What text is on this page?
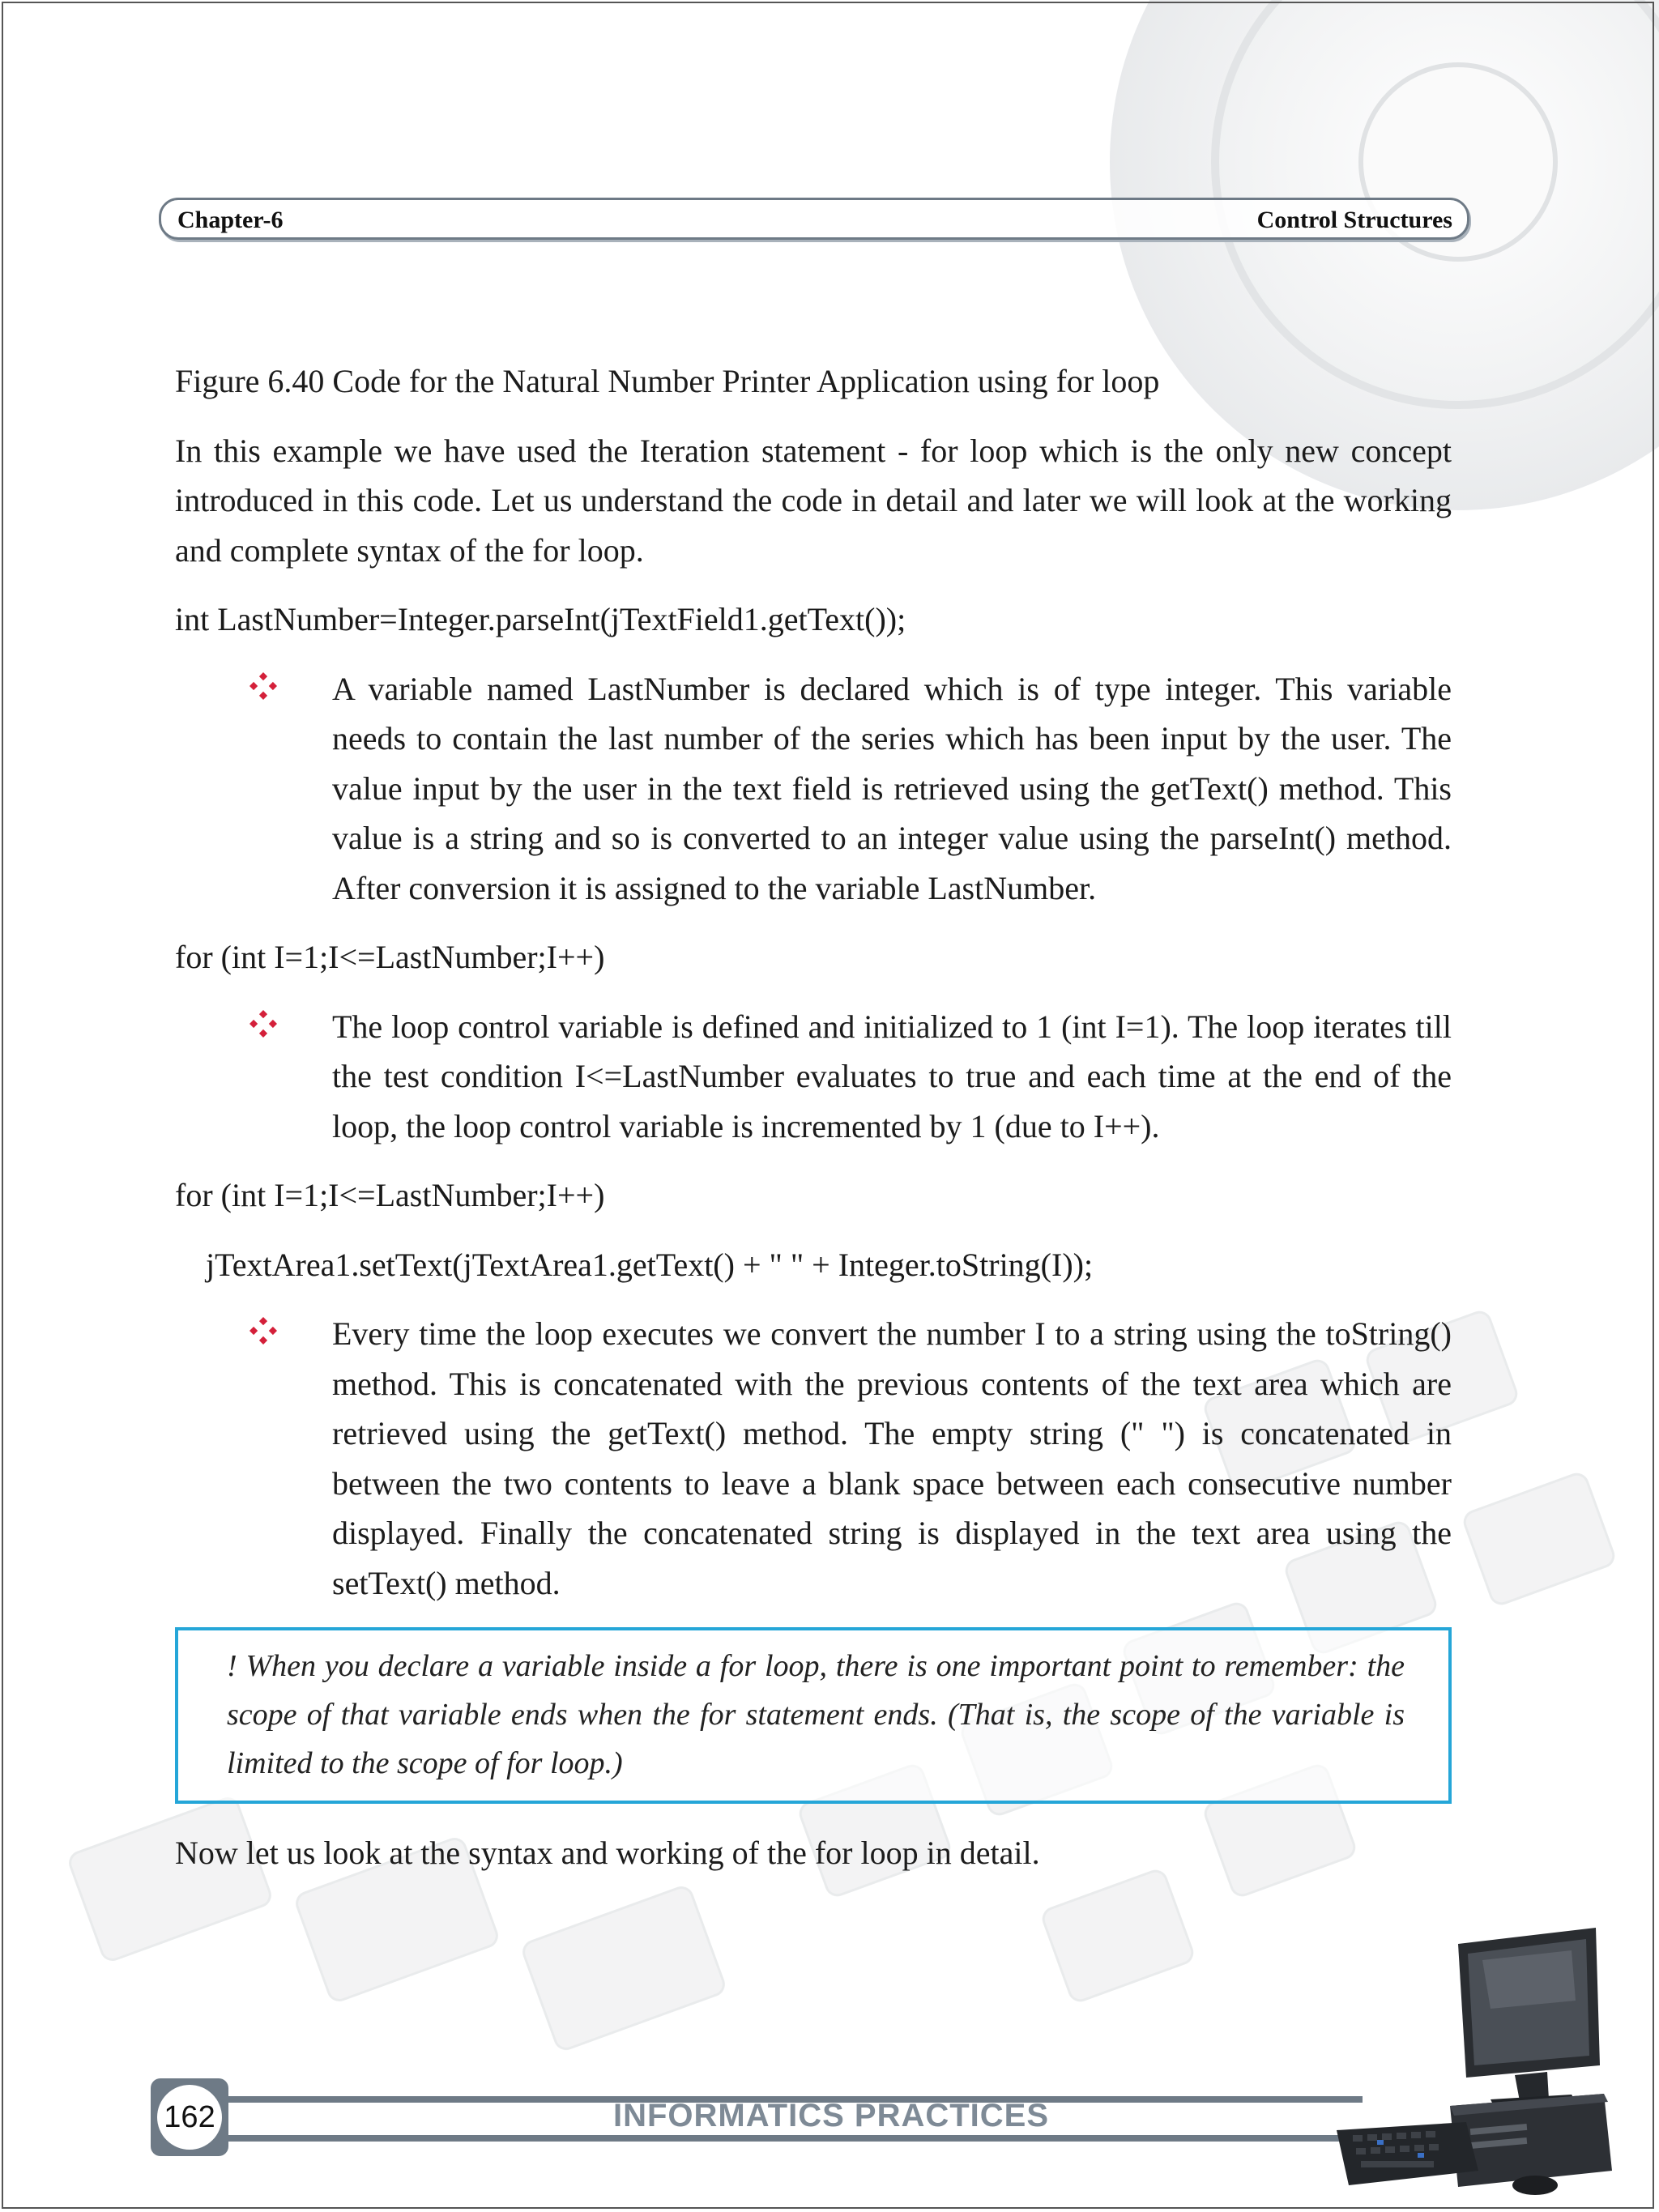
Chapter-6	Control Structures

Figure 6.40 Code for the Natural Number Printer Application using for loop

In this example we have used the Iteration statement - for loop which is the only new concept introduced in this code. Let us understand the code in detail and later we will look at the working and complete syntax of the for loop.

int LastNumber=Integer.parseInt(jTextField1.getText());

A variable named LastNumber is declared which is of type integer. This variable needs to contain the last number of the series which has been input by the user. The value input by the user in the text field is retrieved using the getText() method. This value is a string and so is converted to an integer value using the parseInt() method. After conversion it is assigned to the variable LastNumber.

for (int I=1;I<=LastNumber;I++)

The loop control variable is defined and initialized to 1 (int I=1). The loop iterates till the test condition I<=LastNumber evaluates to true and each time at the end of the loop, the loop control variable is incremented by 1 (due to I++).

for (int I=1;I<=LastNumber;I++)

jTextArea1.setText(jTextArea1.getText() + " " + Integer.toString(I));

Every time the loop executes we convert the number I to a string using the toString() method. This is concatenated with the previous contents of the text area which are retrieved using the getText() method. The empty string (" ") is concatenated in between the two contents to leave a blank space between each consecutive number displayed. Finally the concatenated string is displayed in the text area using the setText() method.
! When you declare a variable inside a for loop, there is one important point to remember: the scope of that variable ends when the for statement ends. (That is, the scope of the variable is limited to the scope of for loop.)

Now let us look at the syntax and working of the for loop in detail.

INFORMATICS PRACTICES
162
